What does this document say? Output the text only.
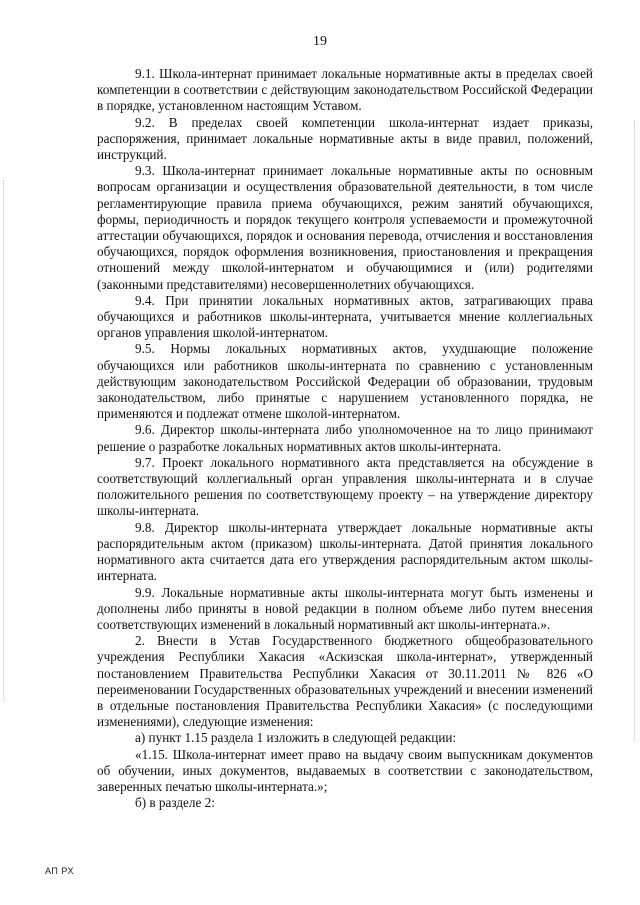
19

9.1. Школа-интернат принимает локальные нормативные акты в пределах своей компетенции в соответствии с действующим законодательством Российской Федерации в порядке, установленном настоящим Уставом.

9.2. В пределах своей компетенции школа-интернат издает приказы, распоряжения, принимает локальные нормативные акты в виде правил, положений, инструкций.

9.3. Школа-интернат принимает локальные нормативные акты по основным вопросам организации и осуществления образовательной деятельности, в том числе регламентирующие правила приема обучающихся, режим занятий обучающихся, формы, периодичность и порядок текущего контроля успеваемости и промежуточной аттестации обучающихся, порядок и основания перевода, отчисления и восстановления обучающихся, порядок оформления возникновения, приостановления и прекращения отношений между школой-интернатом и обучающимися и (или) родителями (законными представителями) несовершеннолетних обучающихся.

9.4. При принятии локальных нормативных актов, затрагивающих права обучающихся и работников школы-интерната, учитывается мнение коллегиальных органов управления школой-интернатом.

9.5. Нормы локальных нормативных актов, ухудшающие положение обучающихся или работников школы-интерната по сравнению с установленным действующим законодательством Российской Федерации об образовании, трудовым законодательством, либо принятые с нарушением установленного порядка, не применяются и подлежат отмене школой-интернатом.

9.6. Директор школы-интерната либо уполномоченное на то лицо принимают решение о разработке локальных нормативных актов школы-интерната.

9.7. Проект локального нормативного акта представляется на обсуждение в соответствующий коллегиальный орган управления школы-интерната и в случае положительного решения по соответствующему проекту – на утверждение директору школы-интерната.

9.8. Директор школы-интерната утверждает локальные нормативные акты распорядительным актом (приказом) школы-интерната. Датой принятия локального нормативного акта считается дата его утверждения распорядительным актом школы-интерната.

9.9. Локальные нормативные акты школы-интерната могут быть изменены и дополнены либо приняты в новой редакции в полном объеме либо путем внесения соответствующих изменений в локальный нормативный акт школы-интерната.».

2. Внести в Устав Государственного бюджетного общеобразовательного учреждения Республики Хакасия «Аскизская школа-интернат», утвержденный постановлением Правительства Республики Хакасия от 30.11.2011 № 826 «О переименовании Государственных образовательных учреждений и внесении изменений в отдельные постановления Правительства Республики Хакасия» (с последующими изменениями), следующие изменения:

а) пункт 1.15 раздела 1 изложить в следующей редакции:

«1.15. Школа-интернат имеет право на выдачу своим выпускникам документов об обучении, иных документов, выдаваемых в соответствии с законодательством, заверенных печатью школы-интерната.»;

б) в разделе 2:

АП РХ
